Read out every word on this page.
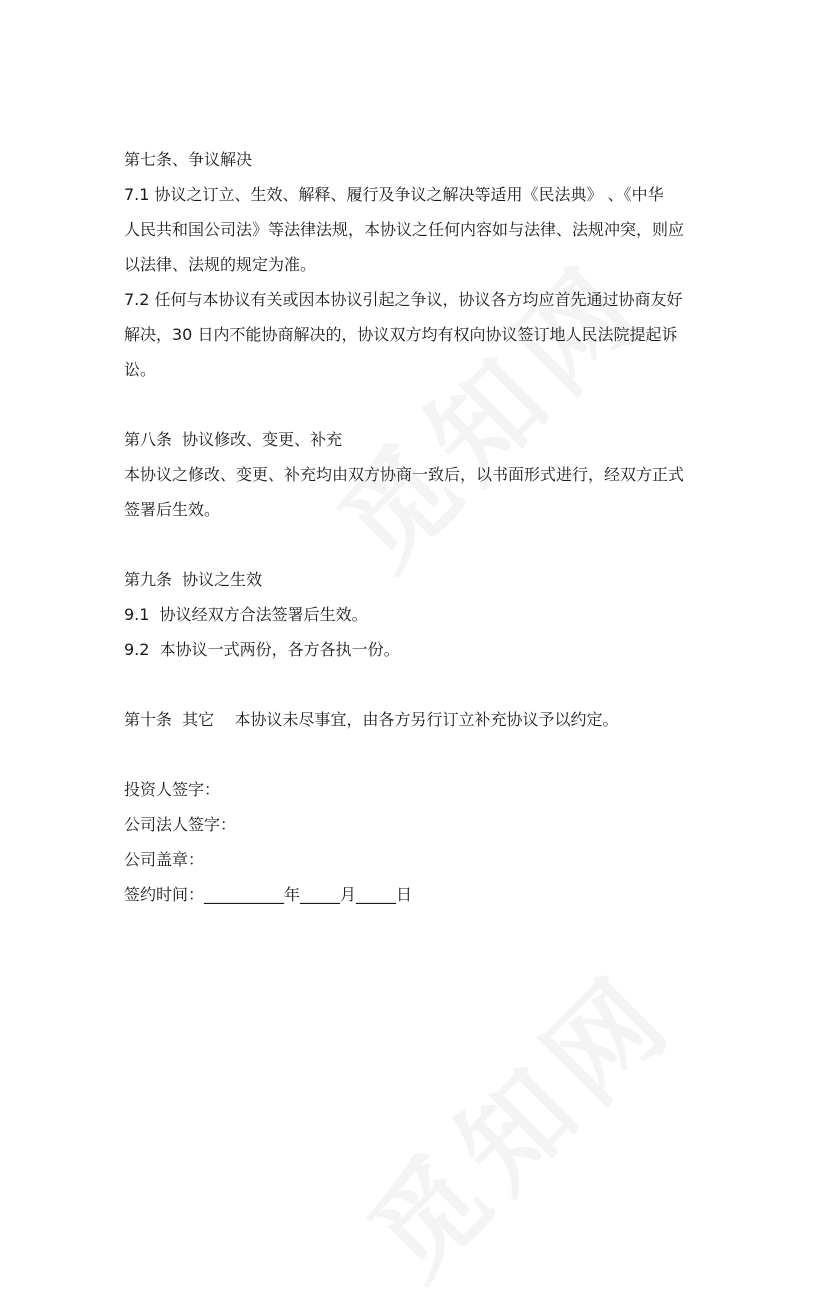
第七条、争议解决

7.1 协议之订立、生效、解释、履行及争议之解决等适用《民法典》 、《中华

人民共和国公司法》等法律法规，本协议之任何内容如与法律、法规冲突，则应

以法律、法规的规定为准。

7.2 任何与本协议有关或因本协议引起之争议，协议各方均应首先通过协商友好

解决，30 日内不能协商解决的，协议双方均有权向协议签订地人民法院提起诉

讼。

第八条  协议修改、变更、补充

本协议之修改、变更、补充均由双方协商一致后，以书面形式进行，经双方正式

签署后生效。

第九条  协议之生效

9.1  协议经双方合法签署后生效。

9.2  本协议一式两份，各方各执一份。

第十条  其它    本协议未尽事宜，由各方另行订立补充协议予以约定。

投资人签字：

公司法人签字：

公司盖章：

签约时间：__________年_____月_____日
